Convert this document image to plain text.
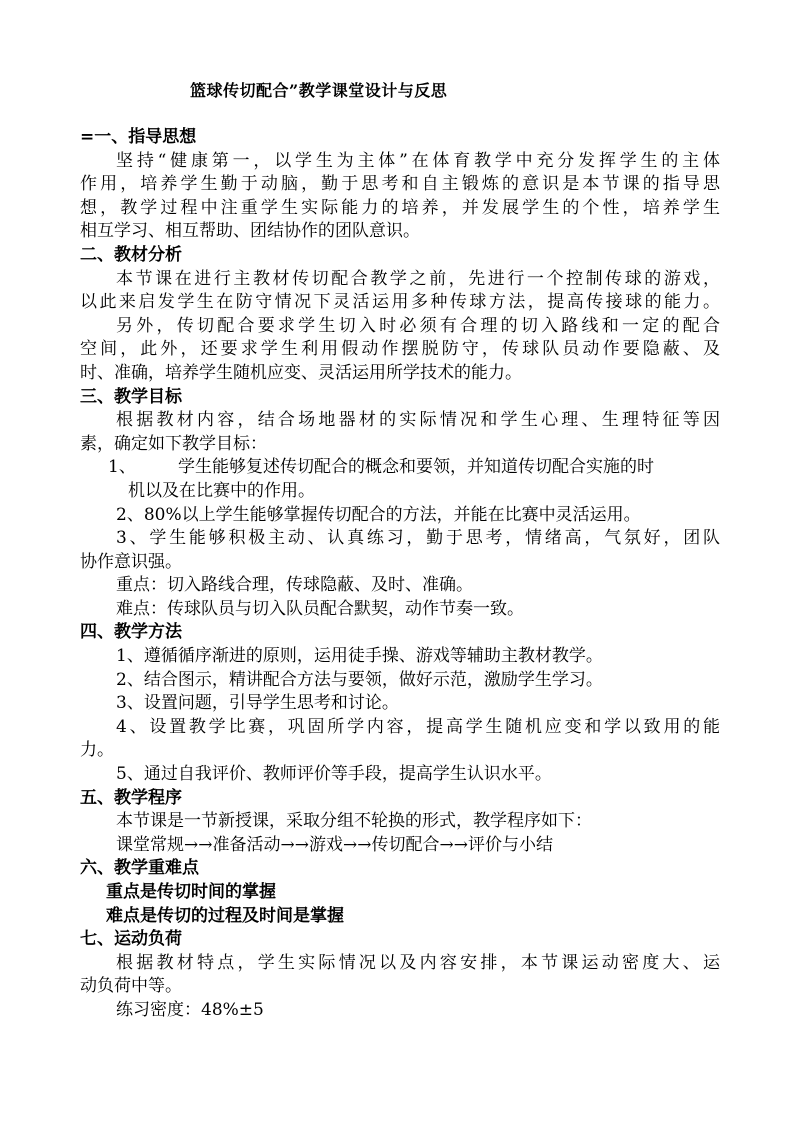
篮球传切配合”教学课堂设计与反思
=一、指导思想
坚持“健康第一，以学生为主体”在体育教学中充分发挥学生的主体
作用，培养学生勤于动脑，勤于思考和自主锻炼的意识是本节课的指导思
想，教学过程中注重学生实际能力的培养，并发展学生的个性，培养学生
相互学习、相互帮助、团结协作的团队意识。
二、教材分析
本节课在进行主教材传切配合教学之前，先进行一个控制传球的游戏，
以此来启发学生在防守情况下灵活运用多种传球方法，提高传接球的能力。
另外，传切配合要求学生切入时必须有合理的切入路线和一定的配合
空间，此外，还要求学生利用假动作摆脱防守，传球队员动作要隐蔽、及
时、准确，培养学生随机应变、灵活运用所学技术的能力。
三、教学目标
根据教材内容，结合场地器材的实际情况和学生心理、生理特征等因
素，确定如下教学目标：
1、 学生能够复述传切配合的概念和要领，并知道传切配合实施的时
机以及在比赛中的作用。
2、80%以上学生能够掌握传切配合的方法，并能在比赛中灵活运用。
3、学生能够积极主动、认真练习，勤于思考，情绪高，气氛好，团队
协作意识强。
重点：切入路线合理，传球隐蔽、及时、准确。
难点：传球队员与切入队员配合默契，动作节奏一致。
四、教学方法
1、遵循循序渐进的原则，运用徒手操、游戏等辅助主教材教学。
2、结合图示，精讲配合方法与要领，做好示范，激励学生学习。
3、设置问题，引导学生思考和讨论。
4、设置教学比赛，巩固所学内容，提高学生随机应变和学以致用的能
力。
5、通过自我评价、教师评价等手段，提高学生认识水平。
五、教学程序
本节课是一节新授课，采取分组不轮换的形式，教学程序如下：
课堂常规→→准备活动→→游戏→→传切配合→→评价与小结
六、教学重难点
重点是传切时间的掌握
难点是传切的过程及时间是掌握
七、运动负荷
根据教材特点，学生实际情况以及内容安排，本节课运动密度大、运
动负荷中等。
练习密度：48%±5
